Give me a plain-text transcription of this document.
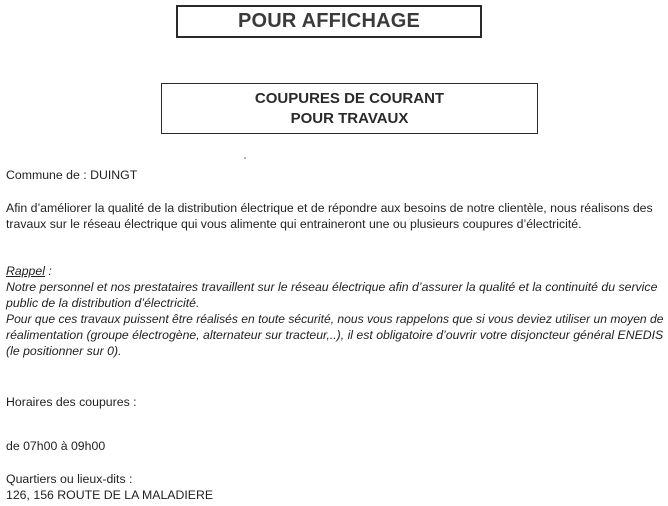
POUR AFFICHAGE
COUPURES DE COURANT
POUR TRAVAUX
Commune de : DUINGT
Afin d’améliorer la qualité de la distribution électrique et de répondre aux besoins de notre clientèle, nous réalisons des
travaux sur le réseau électrique qui vous alimente qui entraineront une ou plusieurs coupures d’électricité.
Rappel :
Notre personnel et nos prestataires travaillent sur le réseau électrique afin d’assurer la qualité et la continuité du service
public de la distribution d’électricité.
Pour que ces travaux puissent être réalisés en toute sécurité, nous vous rappelons que si vous deviez utiliser un moyen de
réalimentation (groupe électrogène, alternateur sur tracteur,..), il est obligatoire d’ouvrir votre disjoncteur général ENEDIS
(le positionner sur 0).
Horaires des coupures :
de 07h00 à 09h00
Quartiers ou lieux-dits :
126, 156 ROUTE DE LA MALADIERE
